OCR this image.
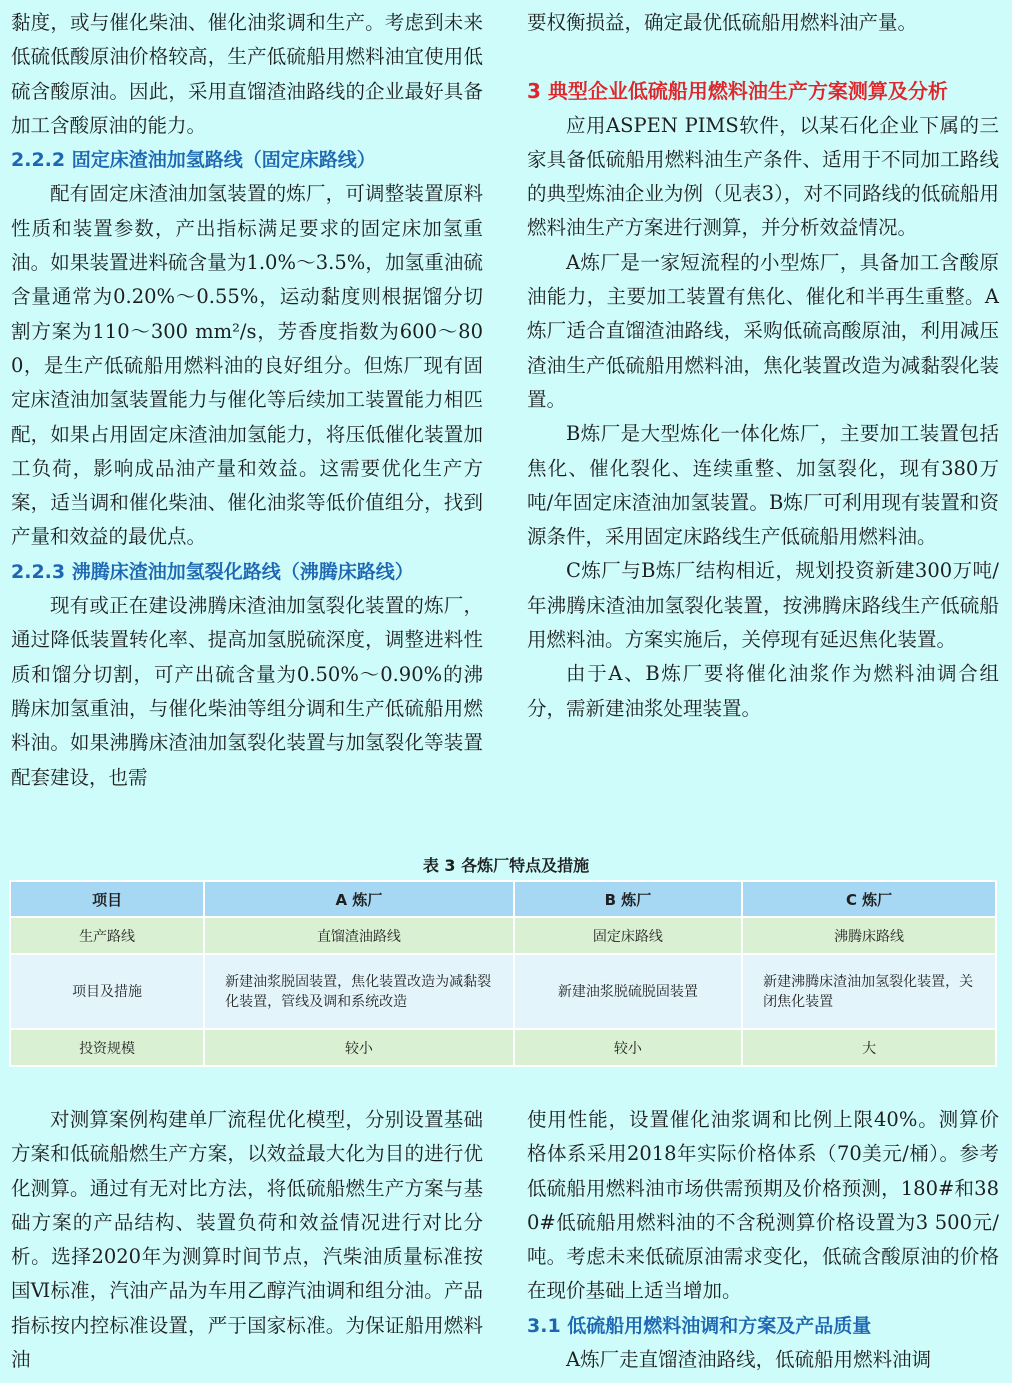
黏度，或与催化柴油、催化油浆调和生产。考虑到未来低硫低酸原油价格较高，生产低硫船用燃料油宜使用低硫含酸原油。因此，采用直馏渣油路线的企业最好具备加工含酸原油的能力。

2.2.2 固定床渣油加氢路线（固定床路线）

配有固定床渣油加氢装置的炼厂，可调整装置原料性质和装置参数，产出指标满足要求的固定床加氢重油。如果装置进料硫含量为1.0%～3.5%，加氢重油硫含量通常为0.20%～0.55%，运动黏度则根据馏分切割方案为110～300 mm²/s，芳香度指数为600～800，是生产低硫船用燃料油的良好组分。但炼厂现有固定床渣油加氢装置能力与催化等后续加工装置能力相匹配，如果占用固定床渣油加氢能力，将压低催化装置加工负荷，影响成品油产量和效益。这需要优化生产方案，适当调和催化柴油、催化油浆等低价值组分，找到产量和效益的最优点。

2.2.3 沸腾床渣油加氢裂化路线（沸腾床路线）

现有或正在建设沸腾床渣油加氢裂化装置的炼厂，通过降低装置转化率、提高加氢脱硫深度，调整进料性质和馏分切割，可产出硫含量为0.50%～0.90%的沸腾床加氢重油，与催化柴油等组分调和生产低硫船用燃料油。如果沸腾床渣油加氢裂化装置与加氢裂化等装置配套建设，也需

要权衡损益，确定最优低硫船用燃料油产量。

3 典型企业低硫船用燃料油生产方案测算及分析

应用ASPEN PIMS软件，以某石化企业下属的三家具备低硫船用燃料油生产条件、适用于不同加工路线的典型炼油企业为例（见表3），对不同路线的低硫船用燃料油生产方案进行测算，并分析效益情况。

A炼厂是一家短流程的小型炼厂，具备加工含酸原油能力，主要加工装置有焦化、催化和半再生重整。A炼厂适合直馏渣油路线，采购低硫高酸原油，利用减压渣油生产低硫船用燃料油，焦化装置改造为减黏裂化装置。

B炼厂是大型炼化一体化炼厂，主要加工装置包括焦化、催化裂化、连续重整、加氢裂化，现有380万吨/年固定床渣油加氢装置。B炼厂可利用现有装置和资源条件，采用固定床路线生产低硫船用燃料油。

C炼厂与B炼厂结构相近，规划投资新建300万吨/年沸腾床渣油加氢裂化装置，按沸腾床路线生产低硫船用燃料油。方案实施后，关停现有延迟焦化装置。

由于A、B炼厂要将催化油浆作为燃料油调合组分，需新建油浆处理装置。

表 3 各炼厂特点及措施
项目	A 炼厂	B 炼厂	C 炼厂
生产路线	直馏渣油路线	固定床路线	沸腾床路线
项目及措施	新建油浆脱固装置，焦化装置改造为减黏裂化装置，管线及调和系统改造	新建油浆脱硫脱固装置	新建沸腾床渣油加氢裂化装置，关闭焦化装置
投资规模	较小	较小	大

对测算案例构建单厂流程优化模型，分别设置基础方案和低硫船燃生产方案，以效益最大化为目的进行优化测算。通过有无对比方法，将低硫船燃生产方案与基础方案的产品结构、装置负荷和效益情况进行对比分析。选择2020年为测算时间节点，汽柴油质量标准按国Ⅵ标准，汽油产品为车用乙醇汽油调和组分油。产品指标按内控标准设置，严于国家标准。为保证船用燃料油

使用性能，设置催化油浆调和比例上限40%。测算价格体系采用2018年实际价格体系（70美元/桶）。参考低硫船用燃料油市场供需预期及价格预测，180#和380#低硫船用燃料油的不含税测算价格设置为3 500元/吨。考虑未来低硫原油需求变化，低硫含酸原油的价格在现价基础上适当增加。

3.1 低硫船用燃料油调和方案及产品质量

A炼厂走直馏渣油路线，低硫船用燃料油调
